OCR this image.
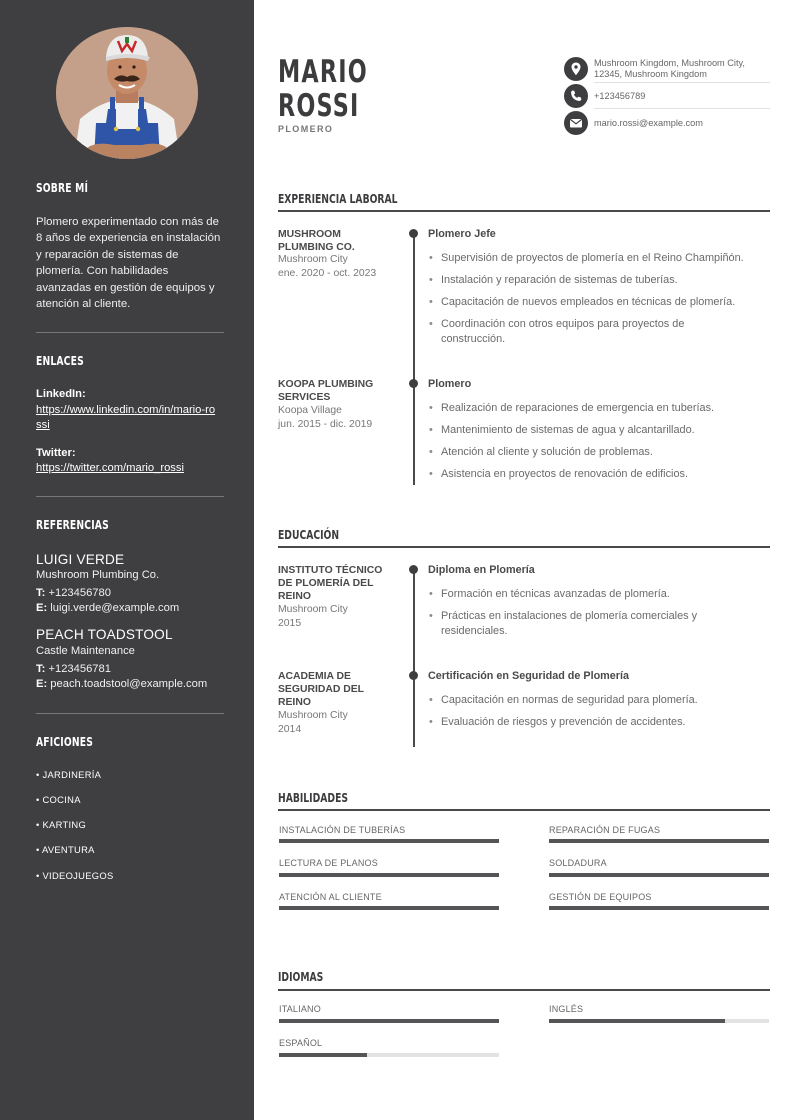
SOBRE MÍ
Plomero experimentado con más de 8 años de experiencia en instalación y reparación de sistemas de plomería. Con habilidades avanzadas en gestión de equipos y atención al cliente.
ENLACES
LinkedIn:
https://www.linkedin.com/in/mario-rossi
Twitter:
https://twitter.com/mario_rossi
REFERENCIAS
LUIGI VERDE
Mushroom Plumbing Co.
T: +123456780
E: luigi.verde@example.com
PEACH TOADSTOOL
Castle Maintenance
T: +123456781
E: peach.toadstool@example.com
AFICIONES
• JARDINERÍA
• COCINA
• KARTING
• AVENTURA
• VIDEOJUEGOS
MARIO
ROSSI
PLOMERO
Mushroom Kingdom, Mushroom City, 12345, Mushroom Kingdom
+123456789
mario.rossi@example.com
EXPERIENCIA LABORAL
MUSHROOM PLUMBING CO.
Mushroom City
ene. 2020 - oct. 2023
Plomero Jefe
• Supervisión de proyectos de plomería en el Reino Champiñón.
• Instalación y reparación de sistemas de tuberías.
• Capacitación de nuevos empleados en técnicas de plomería.
• Coordinación con otros equipos para proyectos de construcción.
KOOPA PLUMBING SERVICES
Koopa Village
jun. 2015 - dic. 2019
Plomero
• Realización de reparaciones de emergencia en tuberías.
• Mantenimiento de sistemas de agua y alcantarillado.
• Atención al cliente y solución de problemas.
• Asistencia en proyectos de renovación de edificios.
EDUCACIÓN
INSTITUTO TÉCNICO DE PLOMERÍA DEL REINO
Mushroom City
2015
Diploma en Plomería
• Formación en técnicas avanzadas de plomería.
• Prácticas en instalaciones de plomería comerciales y residenciales.
ACADEMIA DE SEGURIDAD DEL REINO
Mushroom City
2014
Certificación en Seguridad de Plomería
• Capacitación en normas de seguridad para plomería.
• Evaluación de riesgos y prevención de accidentes.
HABILIDADES
INSTALACIÓN DE TUBERÍAS	REPARACIÓN DE FUGAS
LECTURA DE PLANOS	SOLDADURA
ATENCIÓN AL CLIENTE	GESTIÓN DE EQUIPOS
IDIOMAS
ITALIANO	INGLÉS
ESPAÑOL
